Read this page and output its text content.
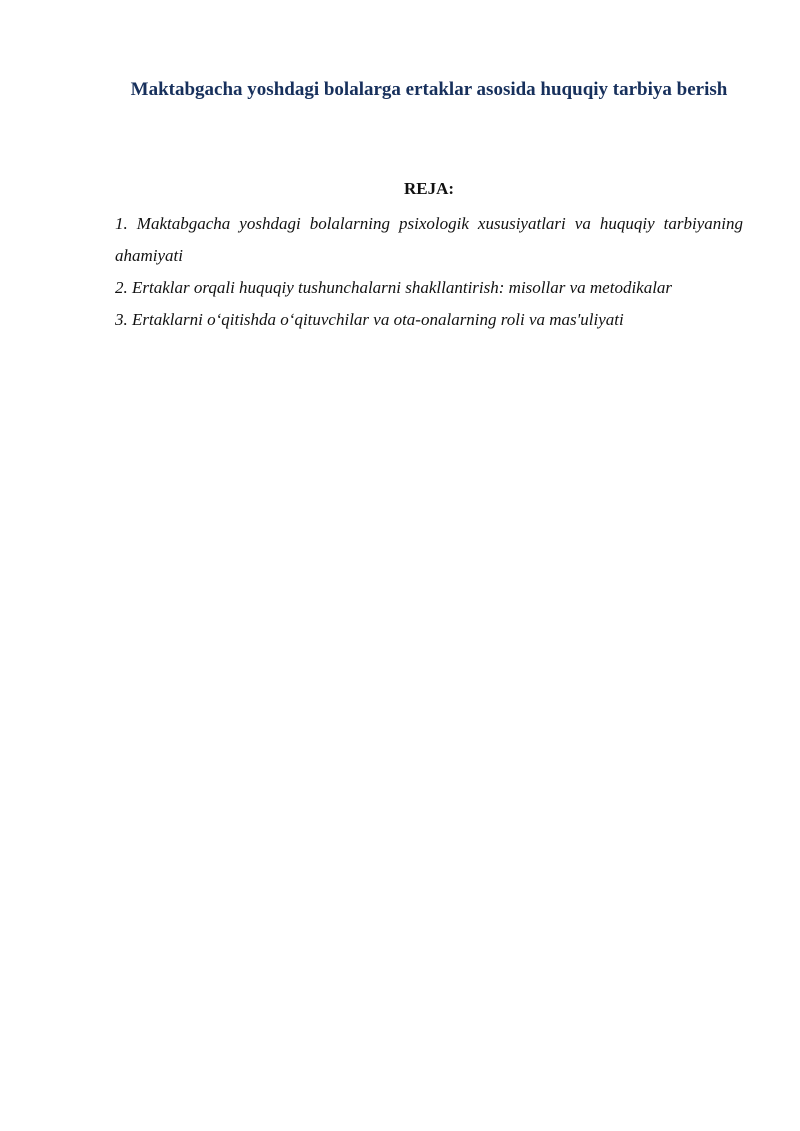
Maktabgacha yoshdagi bolalarga ertaklar asosida huquqiy tarbiya berish
REJA:
1. Maktabgacha yoshdagi bolalarning psixologik xususiyatlari va huquqiy tarbiyaning ahamiyati
2. Ertaklar orqali huquqiy tushunchalarni shakllantirish: misollar va metodikalar
3. Ertaklarni o‘qitishda o‘qituvchilar va ota-onalarning roli va mas'uliyati
